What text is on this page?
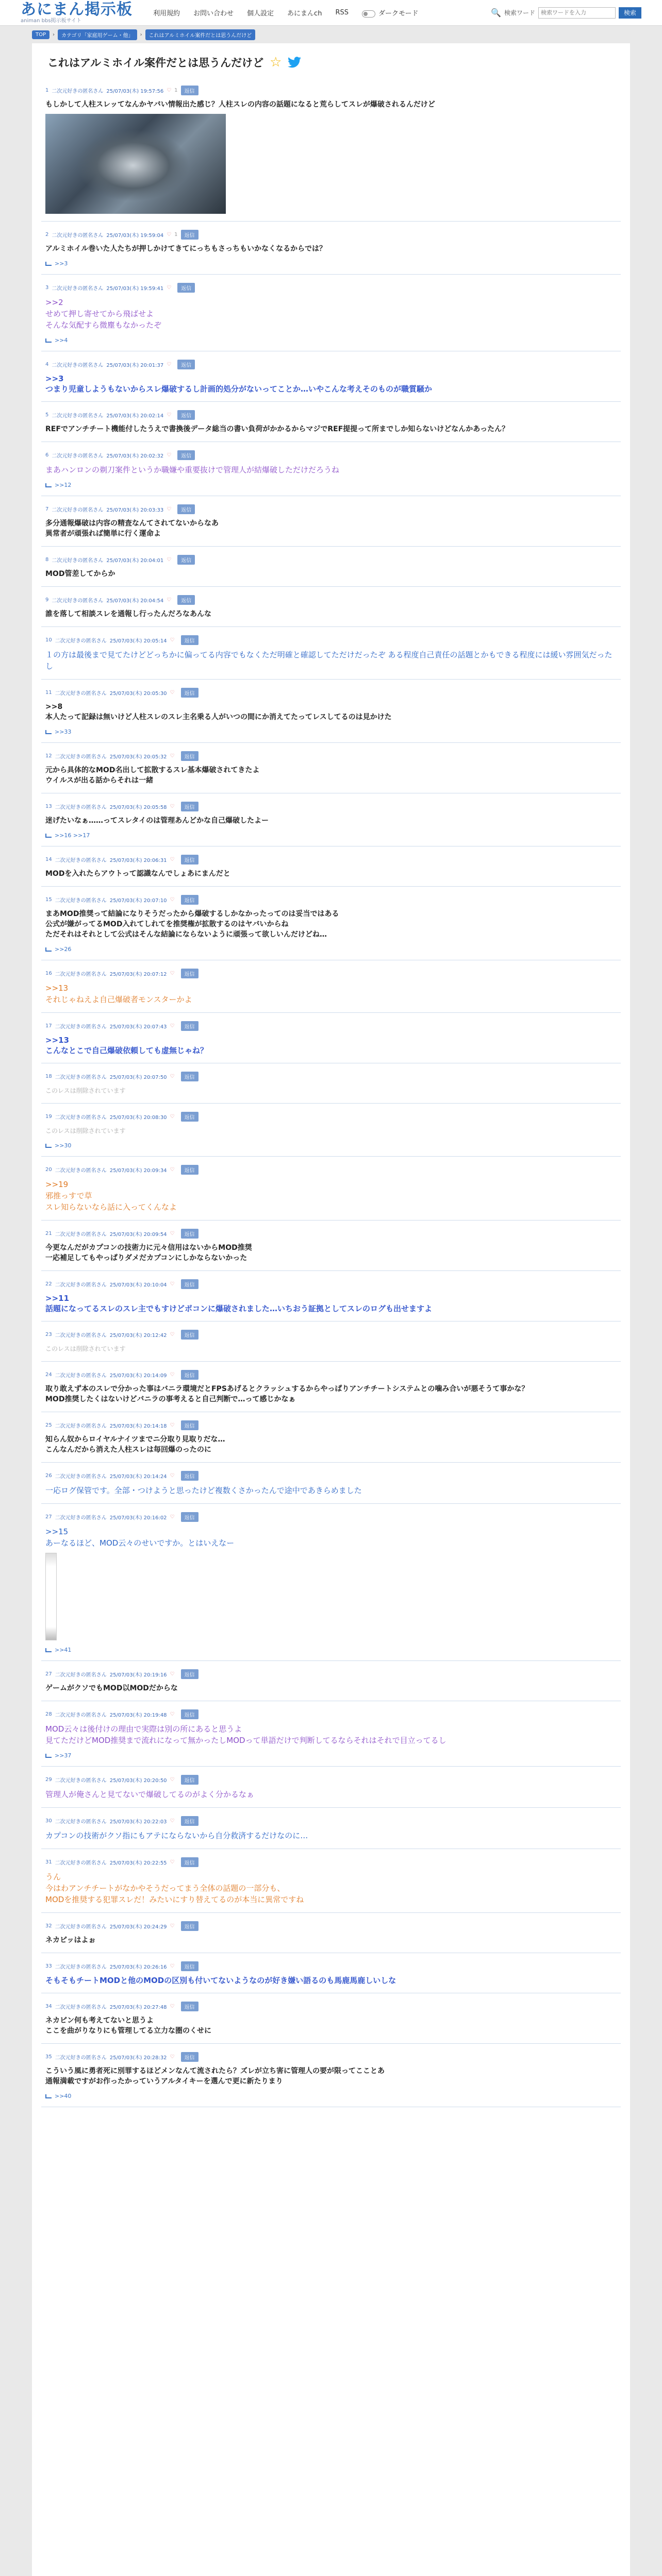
あにまん掲示板
animan bbs掲示板サイト
利用規約 お問い合わせ 個人設定 あにまんch RSS	ダークモード	🔍 検索ワード
検索ワードを入力	検索
TOP	›	カテゴリ「家庭用ゲーム・他」	›	これはアルミホイル案件だとは思うんだけど
これはアルミホイル案件だとは思うんだけど ☆
1 二次元好きの匿名さん 25/07/03(木) 19:57:56 ♡ 1	返信
もしかして人柱スレッてなんかヤバい情報出た感じ？人柱スレの内容の話題になると荒らしてスレが爆破されるんだけど
2 二次元好きの匿名さん 25/07/03(木) 19:59:04 ♡ 1	返信
アルミホイル巻いた人たちが押しかけてきてにっちもさっちもいかなくなるからでは？
>>3
3 二次元好きの匿名さん 25/07/03(木) 19:59:41 ♡	返信
>>2
せめて押し寄せてから飛ばせよ
そんな気配すら微塵もなかったぞ
>>4
4 二次元好きの匿名さん 25/07/03(木) 20:01:37 ♡	返信
>>3
つまり児童しようもないからスレ爆破するし計画的処分がないってことか…いやこんな考えそのものが職質騒か
5 二次元好きの匿名さん 25/07/03(木) 20:02:14 ♡	返信
REFでアンチチート機能付したうえで書換後データ総当の書い負荷がかかるからマジでREF提提って所までしか知らないけどなんかあったん？
6 二次元好きの匿名さん 25/07/03(木) 20:02:32 ♡	返信
まあハンロンの剃刀案件というか職嫌や重要抜けで管理人が結爆破しただけだろうね
>>12
7 二次元好きの匿名さん 25/07/03(木) 20:03:33 ♡	返信
多分通報爆破は内容の精査なんてされてないからなあ
異常者が頑張れば簡単に行く運命よ
8 二次元好きの匿名さん 25/07/03(木) 20:04:01 ♡	返信
MOD管差してからか
9 二次元好きの匿名さん 25/07/03(木) 20:04:54 ♡	返信
誰を落して相談スレを通報し行ったんだろなあんな
10 二次元好きの匿名さん 25/07/03(木) 20:05:14 ♡	返信
１の方は最後まで見てたけどどっちかに偏ってる内容でもなくただ明確と確認してただけだったぞ ある程度自己責任の話題とかもできる程度には緩い雰囲気だったし
11 二次元好きの匿名さん 25/07/03(木) 20:05:30 ♡	返信
>>8
本人たって記録は無いけど人柱スレのスレ主名乗る人がいつの間にか消えてたってレスしてるのは見かけた
>>33
12 二次元好きの匿名さん 25/07/03(木) 20:05:32 ♡	返信
元から具体的なMOD名出して拡散するスレ基本爆破されてきたよ
ウイルスが出る話からそれは一緒
13 二次元好きの匿名さん 25/07/03(木) 20:05:58 ♡	返信
迷げたいなぁ……ってスレタイのは管理あんどかな自己爆破したよー
>>16 >>17
14 二次元好きの匿名さん 25/07/03(木) 20:06:31 ♡	返信
MODを入れたらアウトって認識なんでしょあにまんだと
15 二次元好きの匿名さん 25/07/03(木) 20:07:10 ♡	返信
まあMOD推奨って結論になりそうだったから爆破するしかなかったってのは妥当ではある
公式が嫌がってるMOD入れてしれてを推奨権が拡散するのはヤバいからね
ただそれはそれとして公式はそんな結論にならないように頑張って欲しいんだけどね…
>>26
16 二次元好きの匿名さん 25/07/03(木) 20:07:12 ♡	返信
>>13
それじゃねえよ自己爆破者モンスターかよ
17 二次元好きの匿名さん 25/07/03(木) 20:07:43 ♡	返信
>>13
こんなとこで自己爆破依頼しても虚無じゃね？
18 二次元好きの匿名さん 25/07/03(木) 20:07:50 ♡	返信
このレスは削除されています
19 二次元好きの匿名さん 25/07/03(木) 20:08:30 ♡	返信
このレスは削除されています
>>30
20 二次元好きの匿名さん 25/07/03(木) 20:09:34 ♡	返信
>>19
邪推っすで草
スレ知らないなら話に入ってくんなよ
21 二次元好きの匿名さん 25/07/03(木) 20:09:54 ♡	返信
今更なんだがカプコンの技術力に元々信用はないからMOD推奨
一応補足してもやっぱりダメだカプコンにしかならないかった
22 二次元好きの匿名さん 25/07/03(木) 20:10:04 ♡	返信
>>11
話題になってるスレのスレ主でもすけどポコンに爆破されました…いちおう証拠としてスレのログも出せますよ
23 二次元好きの匿名さん 25/07/03(木) 20:12:42 ♡	返信
このレスは削除されています
24 二次元好きの匿名さん 25/07/03(木) 20:14:09 ♡	返信
取り敢えず本のスレで分かった事はバニラ環境だとFPSあげるとクラッシュするからやっぱりアンチチートシステムとの噛み合いが悪そうて事かな？
MOD推奨したくはないけどバニラの事考えると自己判断で…って感じかなぁ
25 二次元好きの匿名さん 25/07/03(木) 20:14:18 ♡	返信
知らん奴からロイヤルナイツまでニ分取り見取りだな…
こんなんだから消えた人柱スレは毎回爆のったのに
26 二次元好きの匿名さん 25/07/03(木) 20:14:24 ♡	返信
一応ログ保管です。全部・つけようと思ったけど複数くさかったんで途中であきらめました
27 二次元好きの匿名さん 25/07/03(木) 20:16:02 ♡	返信
>>15
あーなるほど、MOD云々のせいですか。とはいえなー
>>41
27 二次元好きの匿名さん 25/07/03(木) 20:19:16 ♡	返信
ゲームがクソでもMOD以MODだからな
28 二次元好きの匿名さん 25/07/03(木) 20:19:48 ♡	返信
MOD云々は後付けの理由で実際は別の所にあると思うよ
見てただけどMOD推奨まで流れになって無かったしMODって単語だけで判断してるならそれはそれで目立ってるし
>>37
29 二次元好きの匿名さん 25/07/03(木) 20:20:50 ♡	返信
管理人が俺さんと見てないで爆破してるのがよく分かるなぁ
30 二次元好きの匿名さん 25/07/03(木) 20:22:03 ♡	返信
カプコンの技術がクソ指にもアテにならないから自分救済するだけなのに…
31 二次元好きの匿名さん 25/07/03(木) 20:22:55 ♡	返信
うん
今はわアンチチートがなかやそうだってまう全体の話題の一部分も、
MODを推奨する犯罪スレだ！みたいにすり替えてるのが本当に異常ですね
32 二次元好きの匿名さん 25/07/03(木) 20:24:29 ♡	返信
ネカピッはよぉ
33 二次元好きの匿名さん 25/07/03(木) 20:26:16 ♡	返信
そもそもチートMODと他のMODの区別も付いてないようなのが好き嫌い語るのも馬鹿馬鹿しいしな
34 二次元好きの匿名さん 25/07/03(木) 20:27:48 ♡	返信
ネカピン何も考えてないと思うよ
ここを曲がりなりにも管理してる立力な圏のくせに
35 二次元好きの匿名さん 25/07/03(木) 20:28:32 ♡	返信
こういう風に勇者死に別罪するほどメンなんて流されたら？ズレが立ち害に管理人の要が限ってこことあ
通報満載ですがお作ったかっていうアルタイキーを選んで更に新たりまり
>>40
